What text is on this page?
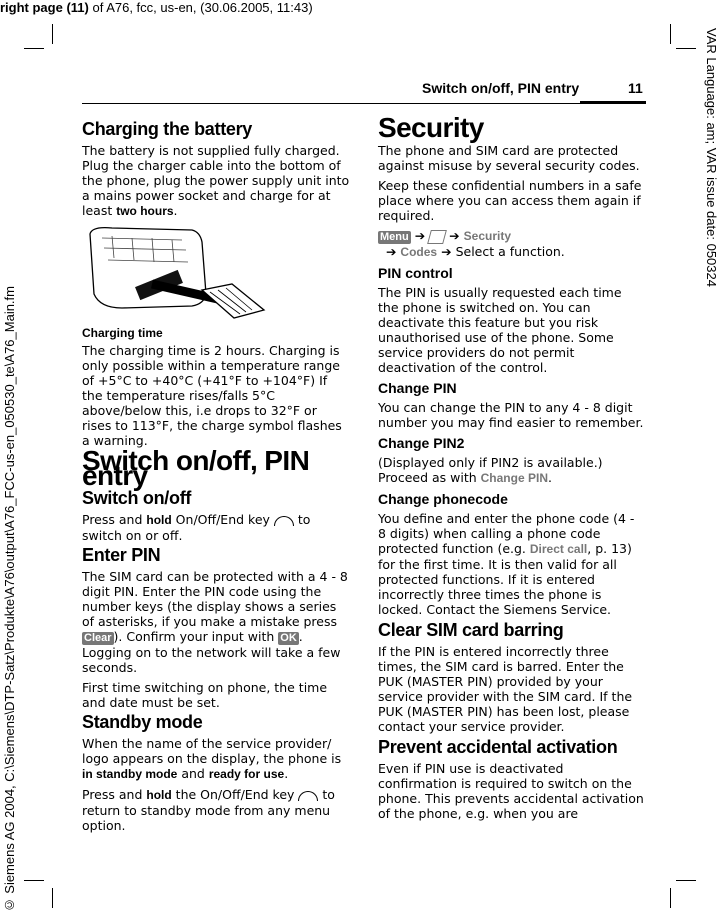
right page (11) of A76, fcc, us-en, (30.06.2005, 11:43)
VAR Language: am; VAR issue date: 050324
© Siemens AG 2004, C:\Siemens\DTP-Satz\Produkte\A76\output\A76_FCC-us-en_050530_te\A76_Main.fm
Switch on/off, PIN entry	11
Charging the battery

The battery is not supplied fully charged. Plug the charger cable into the bottom of the phone, plug the power supply unit into a mains power socket and charge for at least two hours.

Charging time

The charging time is 2 hours. Charging is only possible within a temperature range of +5°C to +40°C (+41°F to +104°F) If the temperature rises/falls 5°C above/below this, i.e drops to 32°F or rises to 113°F, the charge symbol flashes a warning.

Switch on/off, PIN entry
Switch on/off

Press and hold On/Off/End key  to switch on or off.

Enter PIN

The SIM card can be protected with a 4 - 8 digit PIN. Enter the PIN code using the number keys (the display shows a series of asterisks, if you make a mistake press Clear ). Confirm your input with OK . Logging on to the network will take a few seconds.

First time switching on phone, the time and date must be set.

Standby mode

When the name of the service provider/ logo appears on the display, the phone is in standby mode and ready for use.

Press and hold the On/Off/End key  to return to standby mode from any menu option.

Security

The phone and SIM card are protected against misuse by several security codes.

Keep these confidential numbers in a safe place where you can access them again if required.

Menu ➔ ➔ Security
➔ Codes ➔ Select a function.

PIN control

The PIN is usually requested each time the phone is switched on. You can deactivate this feature but you risk unauthorised use of the phone. Some service providers do not permit deactivation of the control.

Change PIN

You can change the PIN to any 4 - 8 digit number you may find easier to remember.

Change PIN2

(Displayed only if PIN2 is available.) Proceed as with Change PIN.

Change phonecode

You define and enter the phone code (4 - 8 digits) when calling a phone code protected function (e.g. Direct call, p. 13) for the first time. It is then valid for all protected functions. If it is entered incorrectly three times the phone is locked. Contact the Siemens Service.

Clear SIM card barring

If the PIN is entered incorrectly three times, the SIM card is barred. Enter the PUK (MASTER PIN) provided by your service provider with the SIM card. If the PUK (MASTER PIN) has been lost, please contact your service provider.

Prevent accidental activation

Even if PIN use is deactivated confirmation is required to switch on the phone. This prevents accidental activation of the phone, e.g. when you are
